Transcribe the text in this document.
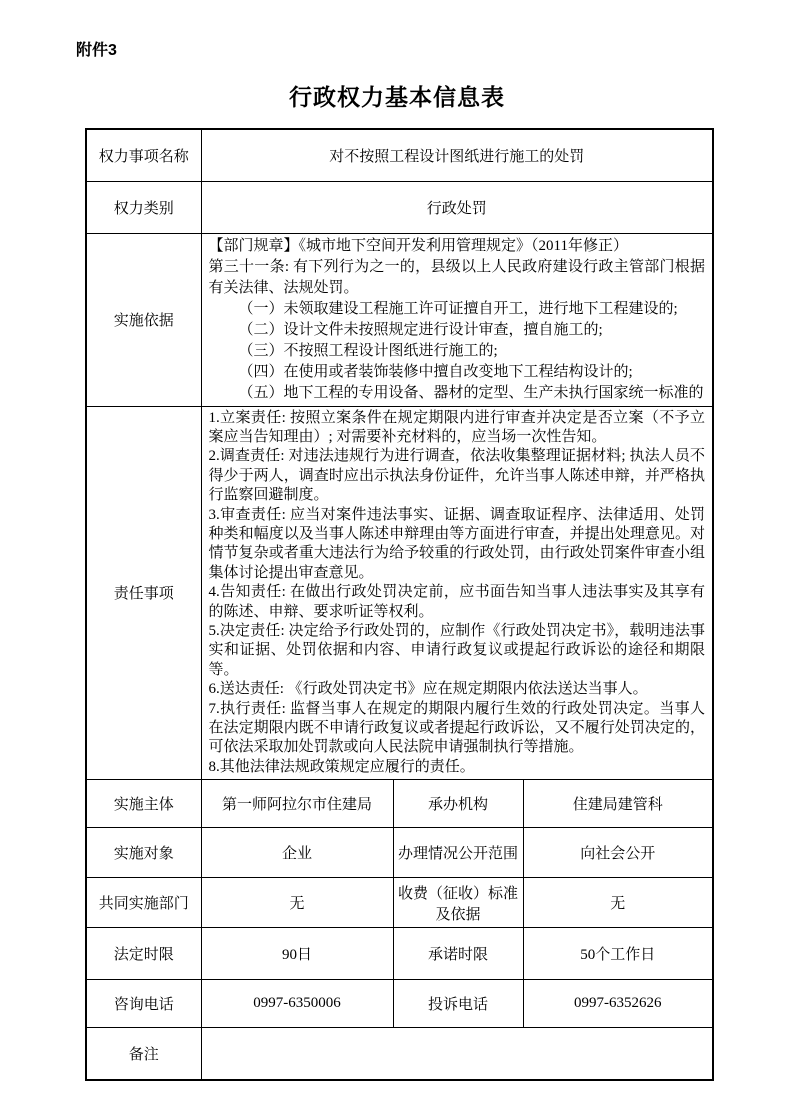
附件3
行政权力基本信息表
权力事项名称	对不按照工程设计图纸进行施工的处罚		
权力类别	行政处罚		
实施依据	

【部门规章】《城市地下空间开发利用管理规定》（2011年修正）

第三十一条: 有下列行为之一的，县级以上人民政府建设行政主管部门根据有关法律、法规处罚。

（一）未领取建设工程施工许可证擅自开工，进行地下工程建设的;

（二）设计文件未按照规定进行设计审查，擅自施工的;

（三）不按照工程设计图纸进行施工的;

（四）在使用或者装饰装修中擅自改变地下工程结构设计的;

（五）地下工程的专用设备、器材的定型、生产未执行国家统一标准的

责任事项	

1.立案责任: 按照立案条件在规定期限内进行审查并决定是否立案（不予立案应当告知理由）; 对需要补充材料的，应当场一次性告知。

2.调查责任: 对违法违规行为进行调查，依法收集整理证据材料; 执法人员不得少于两人，调查时应出示执法身份证件，允许当事人陈述申辩，并严格执行监察回避制度。

3.审查责任: 应当对案件违法事实、证据、调查取证程序、法律适用、处罚种类和幅度以及当事人陈述申辩理由等方面进行审查，并提出处理意见。对情节复杂或者重大违法行为给予较重的行政处罚，由行政处罚案件审查小组集体讨论提出审查意见。

4.告知责任: 在做出行政处罚决定前，应书面告知当事人违法事实及其享有的陈述、申辩、要求听证等权利。

5.决定责任: 决定给予行政处罚的，应制作《行政处罚决定书》，载明违法事实和证据、处罚依据和内容、申请行政复议或提起行政诉讼的途径和期限等。

6.送达责任: 《行政处罚决定书》应在规定期限内依法送达当事人。

7.执行责任: 监督当事人在规定的期限内履行生效的行政处罚决定。当事人在法定期限内既不申请行政复议或者提起行政诉讼，又不履行处罚决定的，可依法采取加处罚款或向人民法院申请强制执行等措施。

8.其他法律法规政策规定应履行的责任。

实施主体	第一师阿拉尔市住建局	承办机构	住建局建管科
实施对象	企业	办理情况公开范围	向社会公开
共同实施部门	无	收费（征收）标准及依据	无
法定时限	90日	承诺时限	50个工作日
咨询电话	0997-6350006	投诉电话	0997-6352626
备注			
